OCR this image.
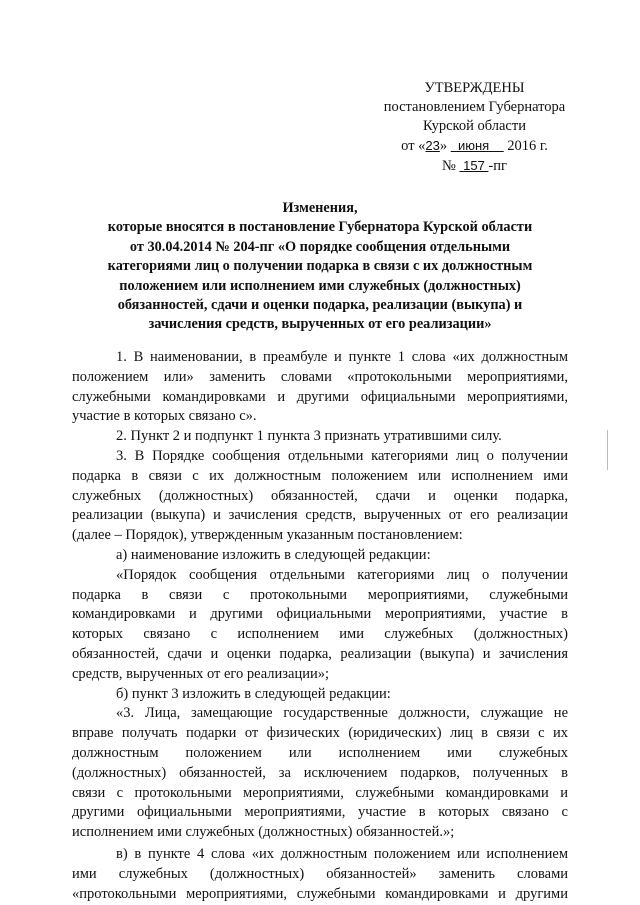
УТВЕРЖДЕНЫ
постановлением Губернатора
Курской области
от «23»   июня     2016 г.
№  157 -пг
Изменения,
которые вносятся в постановление Губернатора Курской области
от 30.04.2014 № 204-пг «О порядке сообщения отдельными
категориями лиц о получении подарка в связи с их должностным
положением или исполнением ими служебных (должностных)
обязанностей, сдачи и оценки подарка, реализации (выкупа) и
зачисления средств, вырученных от его реализации»
1. В наименовании, в преамбуле и пункте 1 слова «их должностным
положением или» заменить словами «протокольными мероприятиями,
служебными командировками и другими официальными мероприятиями,
участие в которых связано с».
2. Пункт 2 и подпункт 1 пункта 3 признать утратившими силу.
3. В Порядке сообщения отдельными категориями лиц о получении
подарка в связи с их должностным положением или исполнением ими
служебных (должностных) обязанностей, сдачи и оценки подарка,
реализации (выкупа) и зачисления средств, вырученных от его реализации
(далее – Порядок), утвержденным указанным постановлением:
а) наименование изложить в следующей редакции:
«Порядок сообщения отдельными категориями лиц о получении
подарка в связи с протокольными мероприятиями, служебными
командировками и другими официальными мероприятиями, участие в
которых связано с исполнением ими служебных (должностных)
обязанностей, сдачи и оценки подарка, реализации (выкупа) и зачисления
средств, вырученных от его реализации»;
б) пункт 3 изложить в следующей редакции:
«3. Лица, замещающие государственные должности, служащие не
вправе получать подарки от физических (юридических) лиц в связи с их
должностным положением или исполнением ими служебных
(должностных) обязанностей, за исключением подарков, полученных в
связи с протокольными мероприятиями, служебными командировками и
другими официальными мероприятиями, участие в которых связано с
исполнением ими служебных (должностных) обязанностей.»;
в) в пункте 4 слова «их должностным положением или исполнением
ими служебных (должностных) обязанностей» заменить словами
«протокольными мероприятиями, служебными командировками и другими
